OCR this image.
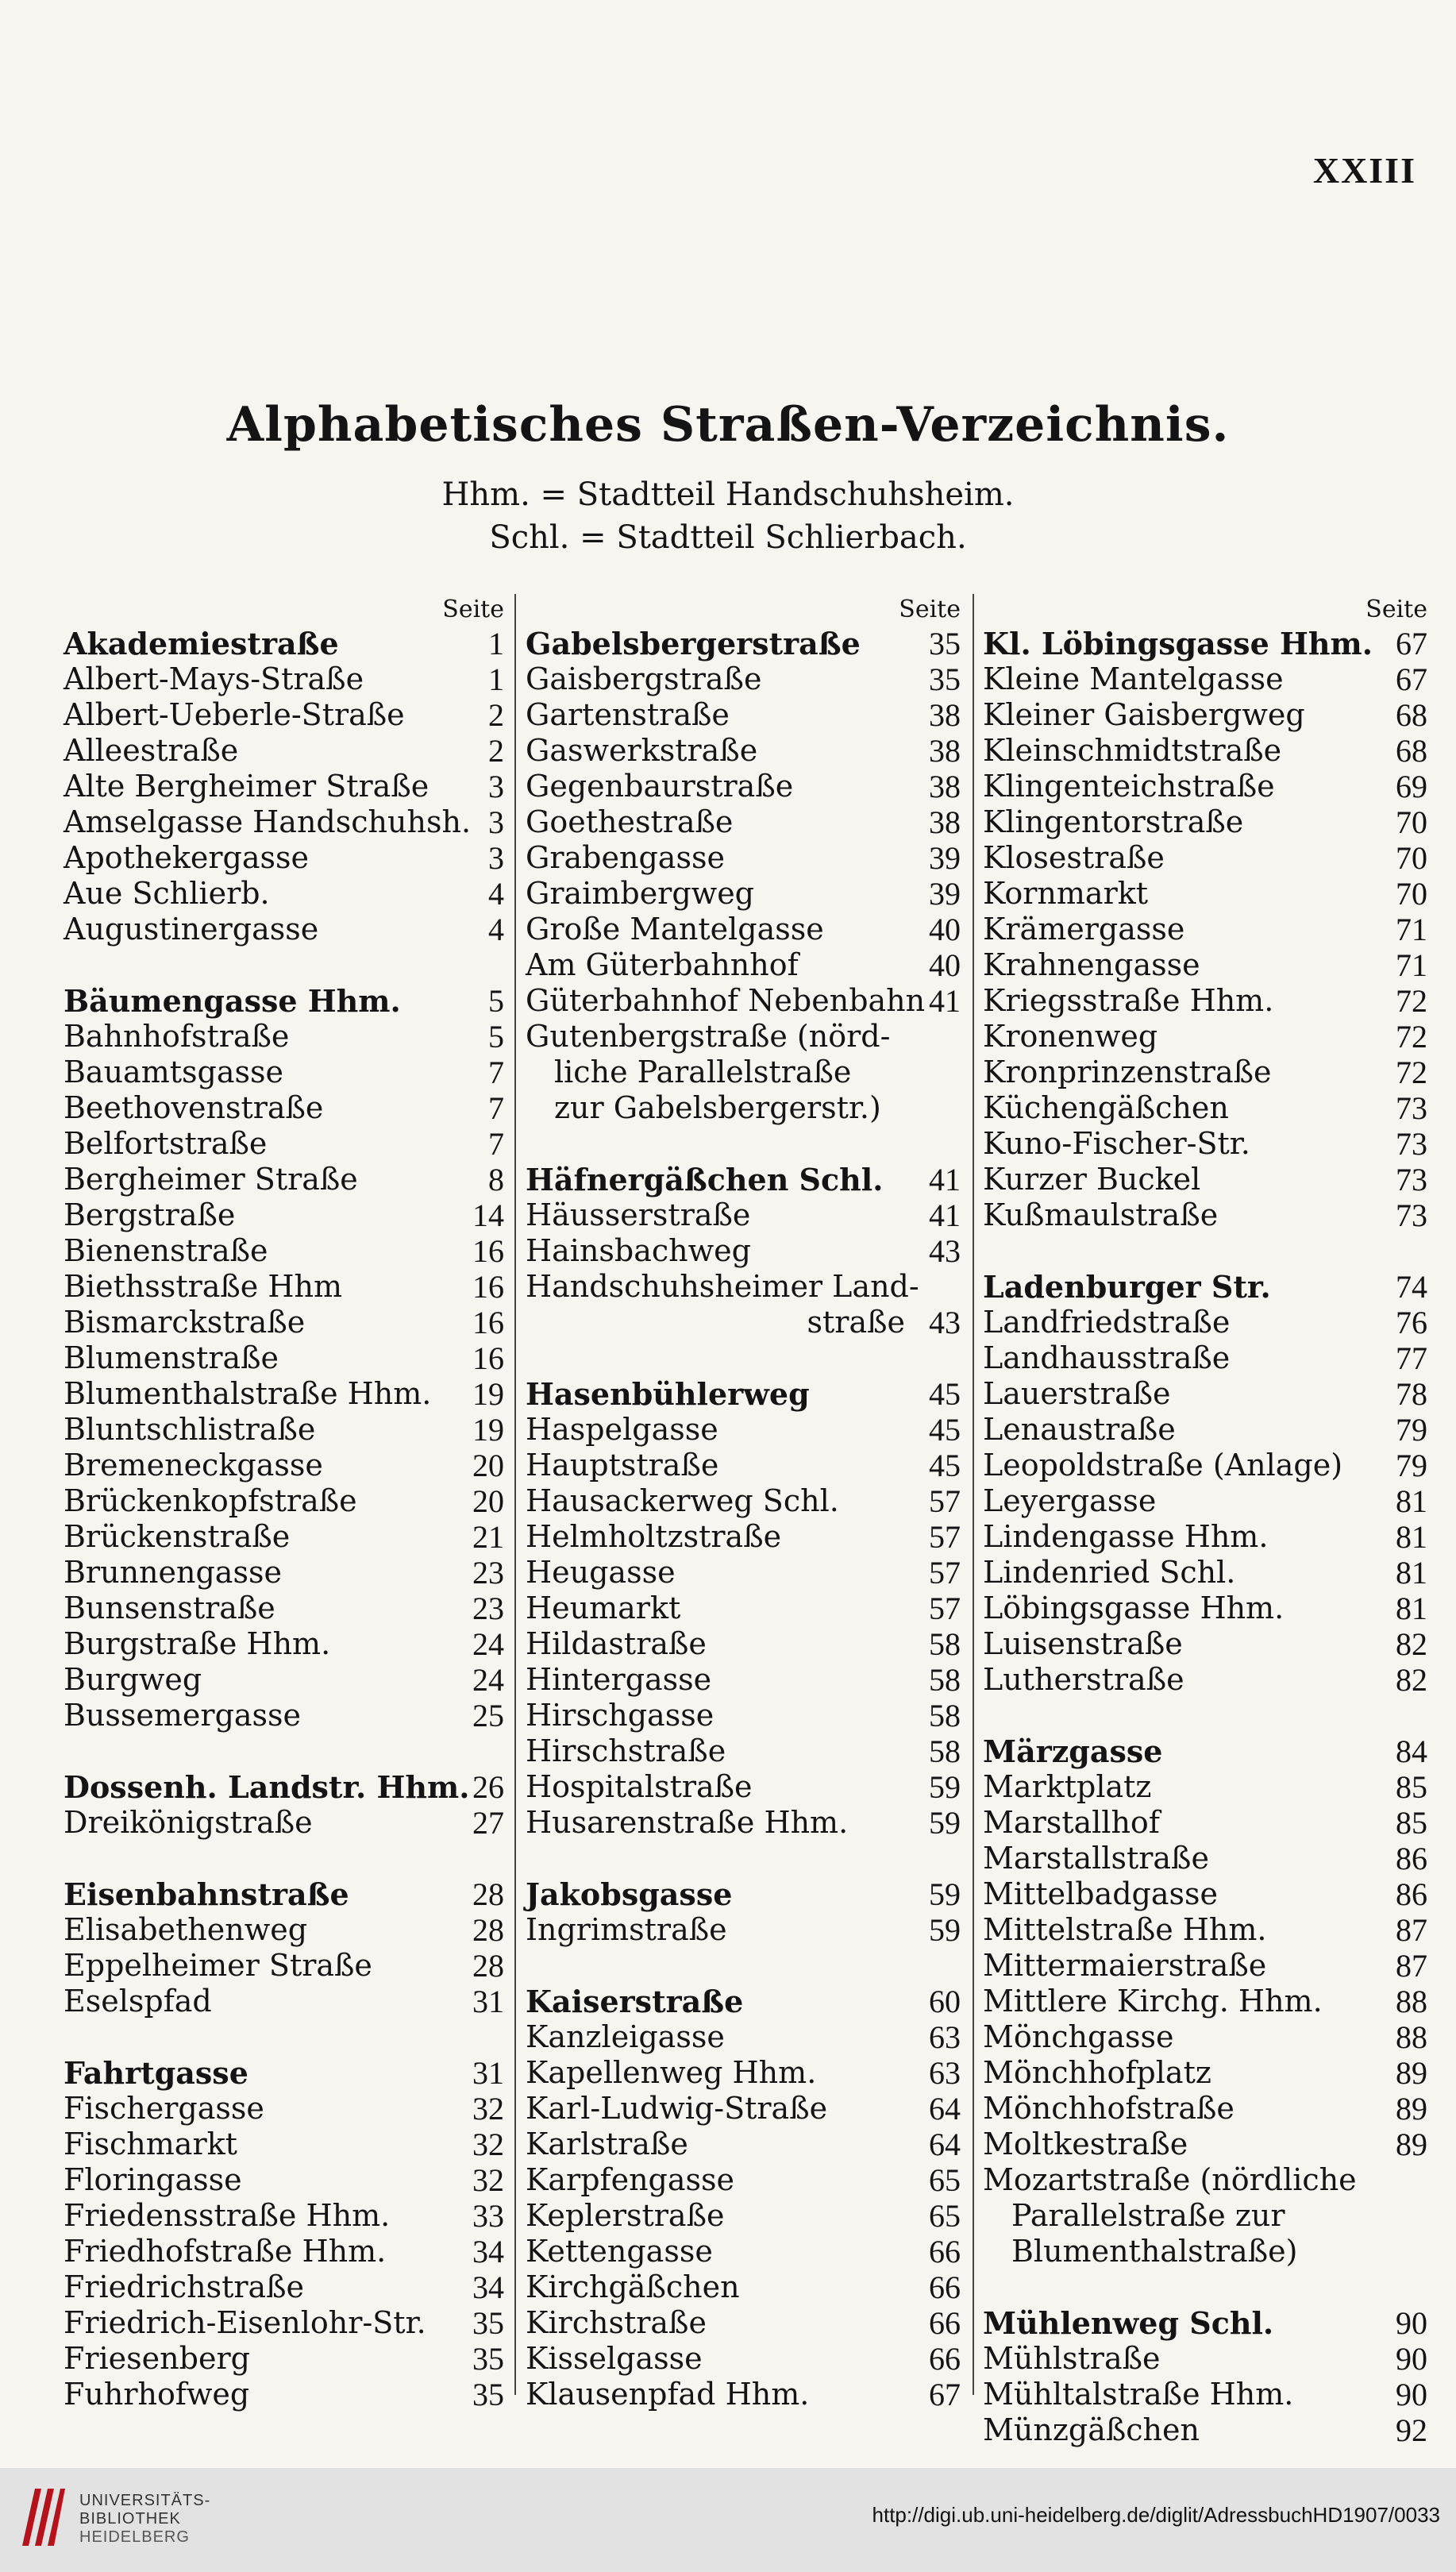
XXIII
Alphabetisches Straßen-Verzeichnis.
Hhm. = Stadtteil Handschuhsheim.
Schl. = Stadtteil Schlierbach.
Seite
Akademiestraße	1
Albert-Mays-Straße	1
Albert-Ueberle-Straße	2
Alleestraße	2
Alte Bergheimer Straße 3
Amselgasse Handschuhsh. 3
Apothekergasse	3
Aue Schlierb.	4
Augustinergasse	4
Bäumengasse Hhm.	5
Bahnhofstraße	5
Bauamtsgasse	7
Beethovenstraße	7
Belfortstraße	7
Bergheimer Straße	8
Bergstraße	14
Bienenstraße	16
Biethsstraße Hhm	16
Bismarckstraße	16
Blumenstraße	16
Blumenthalstraße Hhm. 19
Bluntschlistraße	19
Bremeneckgasse	20
Brückenkopfstraße	20
Brückenstraße	21
Brunnengasse	23
Bunsenstraße	23
Burgstraße Hhm.	24
Burgweg	24
Bussemergasse	25
Dossenh. Landstr. Hhm. 26
Dreikönigstraße	27
Eisenbahnstraße	28
Elisabethenweg	28
Eppelheimer Straße	28
Eselspfad	31
Fahrtgasse	31
Fischergasse	32
Fischmarkt	32
Floringasse	32
Friedensstraße Hhm.	33
Friedhofstraße Hhm.	34
Friedrichstraße	34
Friedrich-Eisenlohr-Str. 35
Friesenberg	35
Fuhrhofweg	35
Seite
Gabelsbergerstraße 35
Gaisbergstraße	35
Gartenstraße	38
Gaswerkstraße	38
Gegenbaurstraße	38
Goethestraße	38
Grabengasse	39
Graimbergweg	39
Große Mantelgasse	40
Am Güterbahnhof	40
Güterbahnhof Nebenbahn 41
Gutenbergstraße (nörd-
liche Parallelstraße
zur Gabelsbergerstr.)
Häfnergäßchen Schl. 41
Häusserstraße	41
Hainsbachweg	43
Handschuhsheimer Land-
straße 43
Hasenbühlerweg	45
Haspelgasse	45
Hauptstraße	45
Hausackerweg Schl.	57
Helmholtzstraße	57
Heugasse	57
Heumarkt	57
Hildastraße	58
Hintergasse	58
Hirschgasse	58
Hirschstraße	58
Hospitalstraße	59
Husarenstraße Hhm.	59
Jakobsgasse	59
Ingrimstraße	59
Kaiserstraße	60
Kanzleigasse	63
Kapellenweg Hhm.	63
Karl-Ludwig-Straße	64
Karlstraße	64
Karpfengasse	65
Keplerstraße	65
Kettengasse	66
Kirchgäßchen	66
Kirchstraße	66
Kisselgasse	66
Klausenpfad Hhm.	67
Seite
Kl. Löbingsgasse Hhm. 67
Kleine Mantelgasse	67
Kleiner Gaisbergweg	68
Kleinschmidtstraße	68
Klingenteichstraße	69
Klingentorstraße	70
Klosestraße	70
Kornmarkt	70
Krämergasse	71
Krahnengasse	71
Kriegsstraße Hhm.	72
Kronenweg	72
Kronprinzenstraße	72
Küchengäßchen	73
Kuno-Fischer-Str.	73
Kurzer Buckel	73
Kußmaulstraße	73
Ladenburger Str.	74
Landfriedstraße	76
Landhausstraße	77
Lauerstraße	78
Lenaustraße	79
Leopoldstraße (Anlage) 79
Leyergasse	81
Lindengasse Hhm.	81
Lindenried Schl.	81
Löbingsgasse Hhm.	81
Luisenstraße	82
Lutherstraße	82
Märzgasse	84
Marktplatz	85
Marstallhof	85
Marstallstraße	86
Mittelbadgasse	86
Mittelstraße Hhm.	87
Mittermaierstraße	87
Mittlere Kirchg. Hhm. 88
Mönchgasse	88
Mönchhofplatz	89
Mönchhofstraße	89
Moltkestraße	89
Mozartstraße (nördliche
Parallelstraße zur
Blumenthalstraße)
Mühlenweg Schl.	90
Mühlstraße	90
Mühltalstraße Hhm.	90
Münzgäßchen	92
UNIVERSITÄTS-
BIBLIOTHEK
HEIDELBERG
http://digi.ub.uni-heidelberg.de/diglit/AdressbuchHD1907/0033
